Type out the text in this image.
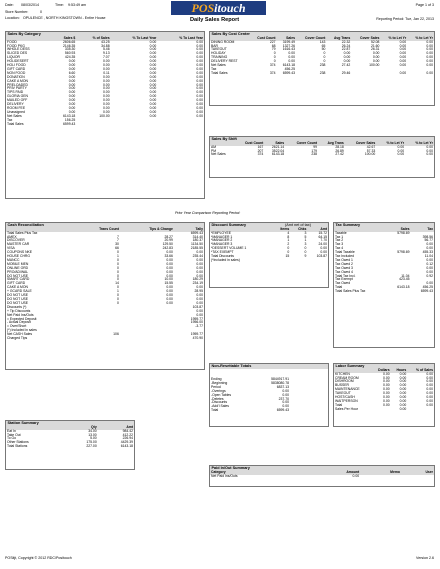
Date: 08/03/2014	Time: 9:53:49 am
Store Number:	0
Location: OPULENCE , NORTH KINGSTOWN - Entire House
Page 1 of 3
POSitouch
Daily Sales Report	Reporting Period: Tue, Jan 22, 2013
Sales By Category
	Sales $	% of Sales	% To Last Year	% To Last Year
FOOD	2606.65	43.25	0.00	0.00
FOOD PKG	2146.35	34.88	0.00	0.00
WHOLE DESS	335.30	5.46	0.00	0.00
SLICED DES	560.93	9.13	0.00	0.00
LIQUOR	424.35	7.07	0.00	0.00
HOLIDESERT	0.00	0.00	0.00	0.00
HOLI FOOD	0.00	0.00	0.00	0.00
GIFT CARD	0.00	0.00	0.00	0.00
NON FOOD	6.60	0.11	0.00	0.00
DONATION	0.00	0.00	0.00	0.00
CAKE A MON	0.00	0.00	0.00	0.00
PRELOADED	0.00	0.00	0.00	0.00
PRIV PARTY	0.00	0.00	0.00	0.00
TIPS PAID	0.00	0.00	0.00	0.00
GLORIA GEN	0.00	0.00	0.00	0.00
MAILED OFF	0.00	0.00	0.00	0.00
DELIVERY	0.00	0.00	0.00	0.00
ROOM FEE	0.00	0.00	0.00	0.00
Unassigned	0.00	0.00	0.00	0.00
Net Sales	6143.18	100.00	0.00	0.00
Tax	156.25			
Total Sales	6599.43			
Sales By Cost Center
	Cust Count	Sales	Cover Count	Avg Trans	Cover Sales	% to Let Yr	% to Let Yr
DINING ROOM	227	3199.49	143	22.32	52.08	0.00	0.00
BAR	68	1327.26	65	26.24	21.60	0.00	0.00
TAKEOUT	79	1616.43	50	22.87	26.31	0.00	0.00
HOLIDAY	0	0.00	0	0.00	0.00	0.00	0.00
TRAINING	0	0.00	0	0.00	0.00	0.00	0.00
DELIVERY REST	0	0.00	0	0.00	0.00	0.00	0.00
Net Sales	374	6143.18	238	27.42	100.00	0.00	0.00
Tax		456.25					
Total Sales	374	6599.43	238	29.46		0.00	0.00
Sales By Shift
	Cust Count	Sales	Cover Count	Avg Trans	Cover Sales	% to Let Yr	% to Let Yr
AM	167	2621.14	99	28.18	42.67	0.00	0.00
PM	207	3522.04	179	26.89	57.33	0.00	0.00
Net Sales	374	6143.18	238	27.42	100.00	0.00	0.00
Prior Year Comparison Reporting Period:
Cash Reconciliation
	Trans Count	Tips & Change	Tally
Total Sales Plus Tax			6599.43
AMEX	7	28.27	314.40
DISCOVER	7	20.99	180.37
MASTER CAR	30	129.50	1134.50
VISA	66	242.83	2185.55
COUPONS NKE	0	0.00	0.00
HOUSE CHRG	1	33.66	235.44
MANCC	0	0.00	0.00
MOBILE MEN	0	0.00	0.00
ONLINE ORD	0	0.00	0.00
PRO/AD/WAL	0	0.00	0.00
DO NOT USE	0	0.00	0.00
SMART CARD	0	10.00	180.29
GIFT CARD	14	15.55	234.19
CAKE A MON	0	0.00	0.00
+ GCARD SALE	1	0.00	28.95
DO NOT USE	0	0.00	0.00
DO NOT USE	0	0.00	0.00
DO NOT USE	0	0.00	0.00
Discounts (*)			103.87
+ Tip Discounts			0.00
Net Paid Ins/Outs			0.00
= Expected Deposit			1959.77
- Actual Deposit			1956.00
= Over/Short			-3.77
(*) Included in sales			

Net CASH Sales	106		1959.77
Charged Tips			470.90
Station Summary
	Qty	Amt
Eat In	34.00	984.42
Take Out	13.00	412.22
To Go	5.00	226.94
Other Stations	175.00	4429.39
Total Stations	227.00	6143.18
Discount Summary	(Amt net of tax)
	Items	Chks	Amt
*EMPLOYEE	4	3	15.72
*MANAGER 1	8	5	64.15
*MANAGER 2	1	1	7.70
*MANAGER 3	2	3	24.00
*DESSERT VOLUME 1	0	0	0.00
*TAX EXEMPT	0	0	0.00
Total Discounts	15	9	103.87
(*Included in sales)			
Tax Summary
	Sales	Tax
Taxable	5798.69	
Tax 1		398.56
Tax 2		56.77
Tax 3		0.00
Tax 4		0.00
Total Taxable	5798.69	455.33
Tax Included		11.04
Tax Owed 1		0.00
Tax Owed 2		0.12
Tax Owed 3		0.00
Tax Owed 4		0.00
Total Tax Incl.	11.04	0.92
Tax Exempt	423.45	
Tax Owed		0.00
Total	6143.18	456.25
Total Sales Plus Tax		6599.43
Non-Resettable Totals
Ending	5844917.91
-Beginning	5838080.78
Period	6837.13
-Overings	0.00
-Open Tables	0.00
-Deletes	237.70
-Discounts	0.00
-Add'l Sales	0.00
Total	6599.43
Labor Summary
	Dollars	Hours	% of Sales
KITCHEN	0.00	0.00	0.00
CREAM ROOM	0.00	0.00	0.00
DISHROOM	0.00	0.00	0.00
BUSSER	0.00	0.00	0.00
MAINTENANCE	0.00	0.00	0.00
TAKEOUT	0.00	0.00	0.00
HOST/CASH	0.00	0.00	0.00
WAITPERSON	0.00	0.00	0.00
Total	0.00	0.00	0.00
Sales Per Hour		0.00	
Paid In/Out Summary
Category	Amount	Memo	User
Net Paid Ins/Outs	0.00		
POSitjt, Copyright © 2012 RDC/Positouch	Version 2.6
